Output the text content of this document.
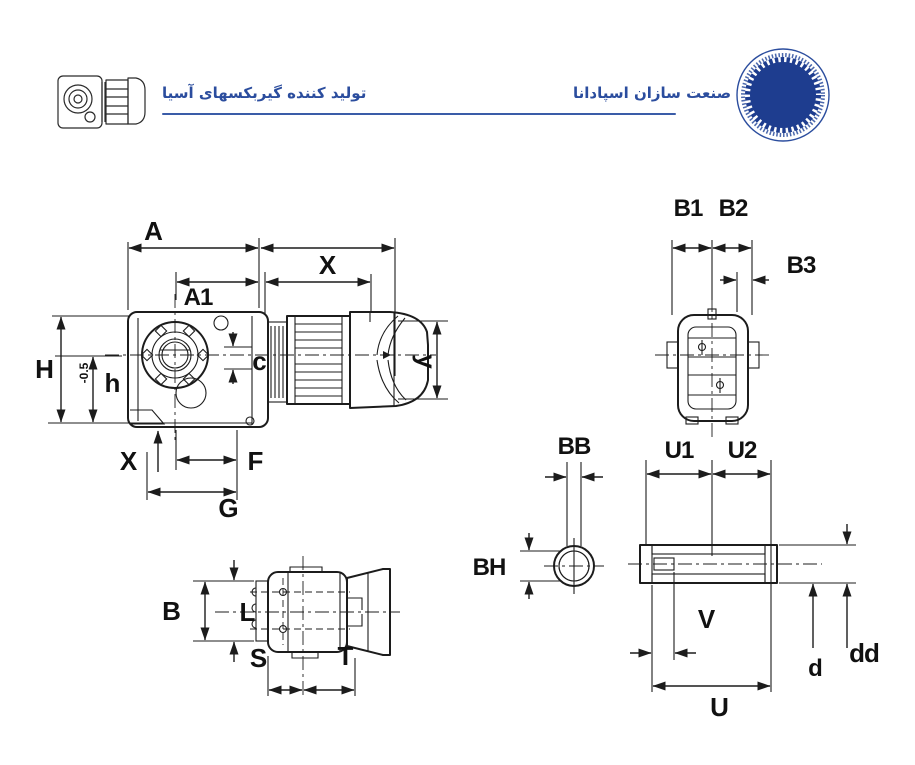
تولید کننده گیربکسهای آسیا	صنعت سازان اسپادانا
A
X
A1
H -0.5 h
c	y
X	F
G
B1 B2
B3
B L
S	T
BB
BH
U1 U2
V
U
d
dd
